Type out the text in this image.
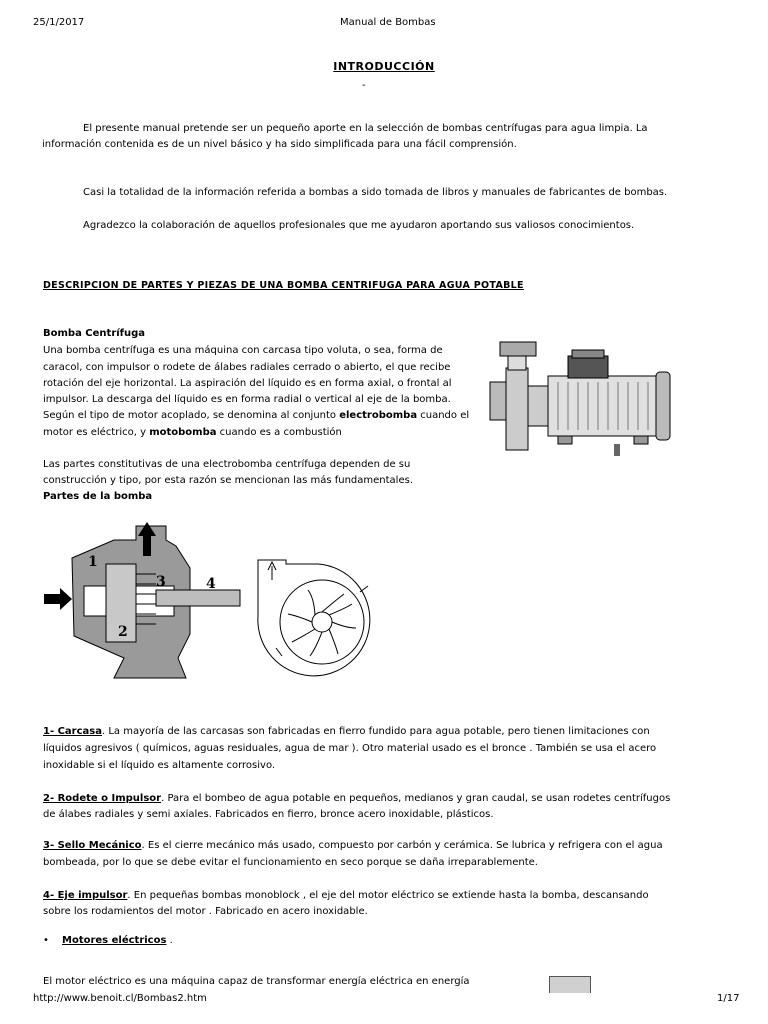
25/1/2017	Manual de Bombas
http://www.benoit.cl/Bombas2.htm	1/17
INTRODUCCIÓN
-
El presente manual pretende ser un pequeño aporte en la selección de bombas centrífugas para agua limpia. La
información contenida es de un nivel básico y ha sido simplificada para una fácil comprensión.
Casi la totalidad de la información referida a bombas a sido tomada de libros y manuales de fabricantes de bombas.
Agradezco la colaboración de aquellos profesionales que me ayudaron aportando sus valiosos conocimientos.
DESCRIPCION DE PARTES Y PIEZAS DE UNA BOMBA CENTRIFUGA PARA AGUA POTABLE
Bomba Centrífuga
Una bomba centrífuga es una máquina con carcasa tipo voluta, o sea, forma de
caracol, con impulsor o rodete de álabes radiales cerrado o abierto, el que recibe
rotación del eje horizontal. La aspiración del líquido es en forma axial, o frontal al
impulsor. La descarga del líquido es en forma radial o vertical al eje de la bomba.
Según el tipo de motor acoplado, se denomina al conjunto electrobomba cuando el
motor es eléctrico, y motobomba cuando es a combustión
Las partes constitutivas de una electrobomba centrífuga dependen de su
construcción y tipo, por esta razón se mencionan las más fundamentales.
Partes de la bomba
1
2
3	4
1- Carcasa. La mayoría de las carcasas son fabricadas en fierro fundido para agua potable, pero tienen limitaciones con
líquidos agresivos ( químicos, aguas residuales, agua de mar ). Otro material usado es el bronce . También se usa el acero
inoxidable si el líquido es altamente corrosivo.
2- Rodete o Impulsor. Para el bombeo de agua potable en pequeños, medianos y gran caudal, se usan rodetes centrífugos
de álabes radiales y semi axiales. Fabricados en fierro, bronce acero inoxidable, plásticos.
3- Sello Mecánico. Es el cierre mecánico más usado, compuesto por carbón y cerámica. Se lubrica y refrigera con el agua
bombeada, por lo que se debe evitar el funcionamiento en seco porque se daña irreparablemente.
4- Eje impulsor. En pequeñas bombas monoblock , el eje del motor eléctrico se extiende hasta la bomba, descansando
sobre los rodamientos del motor . Fabricado en acero inoxidable.
• Motores eléctricos .
El motor eléctrico es una máquina capaz de transformar energía eléctrica en energía
